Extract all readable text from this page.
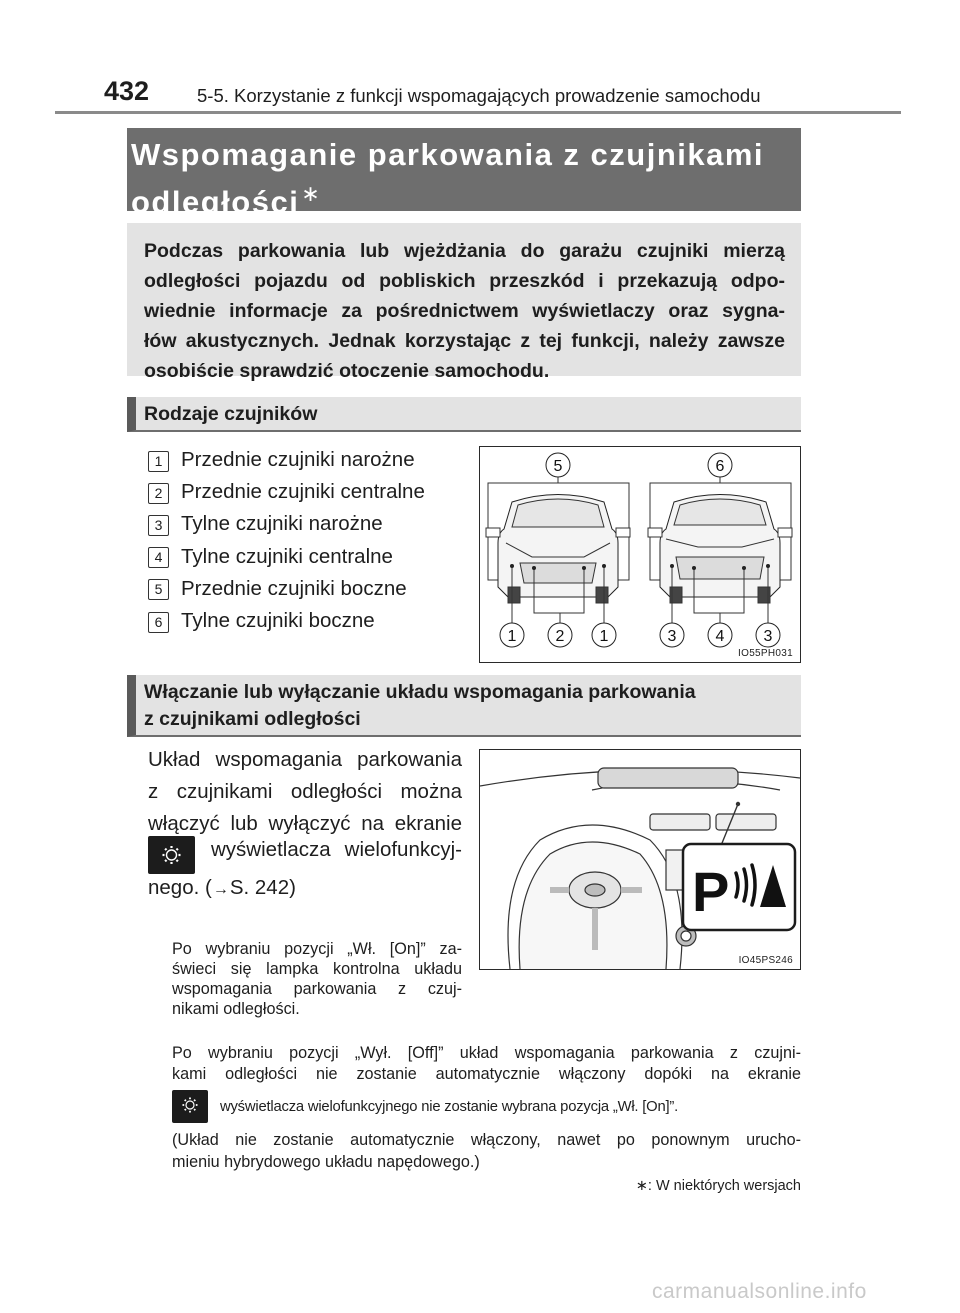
432	5-5. Korzystanie z funkcji wspomagających prowadzenie samochodu
Wspomaganie parkowania z czujnikami
odległości∗
Podczas parkowania lub wjeżdżania do garażu czujniki mierzą
odległości pojazdu od pobliskich przeszkód i przekazują odpo-
wiednie informacje za pośrednictwem wyświetlaczy oraz sygna-
łów akustycznych. Jednak korzystając z tej funkcji, należy zawsze
osobiście sprawdzić otoczenie samochodu.
Rodzaje czujników
1 Przednie czujniki narożne
2 Przednie czujniki centralne
3 Tylne czujniki narożne
4 Tylne czujniki centralne
5 Przednie czujniki boczne
6 Tylne czujniki boczne
5	6
1 2 1	3 4 3
IO55PH031
Włączanie lub wyłączanie układu wspomagania parkowania
z czujnikami odległości
Układ wspomagania parkowania
z czujnikami odległości można
włączyć lub wyłączyć na ekranie
wyświetlacza wielofunkcyj-
nego. (→S. 242)
Po wybraniu pozycji „Wł. [On]” za-
świeci się lampka kontrolna układu
wspomagania parkowania z czuj-
nikami odległości.
P
IO45PS246
Po wybraniu pozycji „Wył. [Off]” układ wspomagania parkowania z czujni-
kami odległości nie zostanie automatycznie włączony dopóki na ekranie
wyświetlacza wielofunkcyjnego nie zostanie wybrana pozycja „Wł. [On]”.
(Układ nie zostanie automatycznie włączony, nawet po ponownym urucho-
mieniu hybrydowego układu napędowego.)
∗: W niektórych wersjach
carmanualsonline.info
